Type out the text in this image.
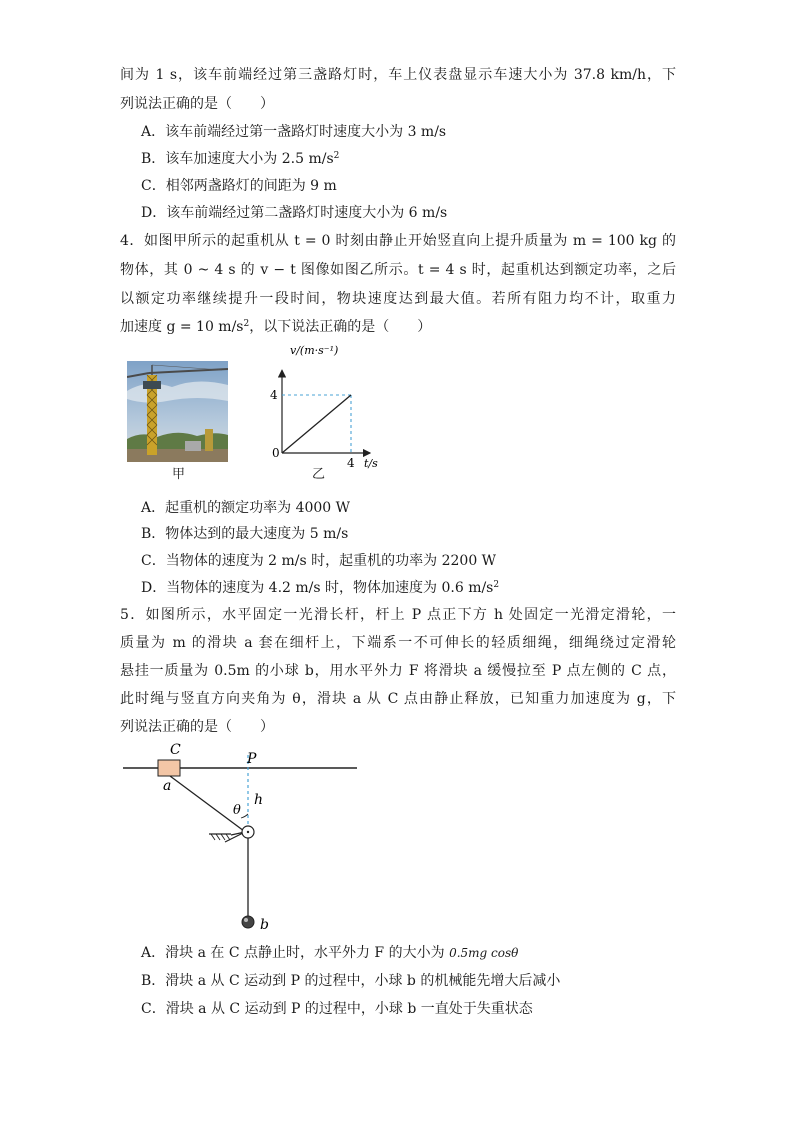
间为 1 s，该车前端经过第三盏路灯时，车上仪表盘显示车速大小为 37.8 km/h，下
列说法正确的是（　　）
A．该车前端经过第一盏路灯时速度大小为 3 m/s
B．该车加速度大小为 2.5 $m/s^2$
C．相邻两盏路灯的间距为 9 m
D．该车前端经过第二盏路灯时速度大小为 6 m/s
4．如图甲所示的起重机从 t = 0 时刻由静止开始竖直向上提升质量为 m = 100 kg 的
物体，其 0 ~ 4 s 的 v − t 图像如图乙所示。t = 4 s 时，起重机达到额定功率，之后
以额定功率继续提升一段时间，物块速度达到最大值。若所有阻力均不计，取重力
加速度 g = 10 $m/s^2$，以下说法正确的是（　　）
甲
0
4
4 t/s
v/(m·s⁻¹)
乙
A．起重机的额定功率为 4000 W
B．物体达到的最大速度为 5 m/s
C．当物体的速度为 2 m/s 时，起重机的功率为 2200 W
D．当物体的速度为 4.2 m/s 时，物体加速度为 0.6 $m/s^2$
5．如图所示，水平固定一光滑长杆，杆上 P 点正下方 h 处固定一光滑定滑轮，一
质量为 m 的滑块 a 套在细杆上，下端系一不可伸长的轻质细绳，细绳绕过定滑轮
悬挂一质量为 0.5m 的小球 b，用水平外力 F 将滑块 a 缓慢拉至 P 点左侧的 C 点，
此时绳与竖直方向夹角为 θ，滑块 a 从 C 点由静止释放，已知重力加速度为 g，下
列说法正确的是（　　）
C
a
P
h
θ
b
A．滑块 a 在 C 点静止时，水平外力 F 的大小为 0.5mg cosθ
B．滑块 a 从 C 运动到 P 的过程中，小球 b 的机械能先增大后减小
C．滑块 a 从 C 运动到 P 的过程中，小球 b 一直处于失重状态
